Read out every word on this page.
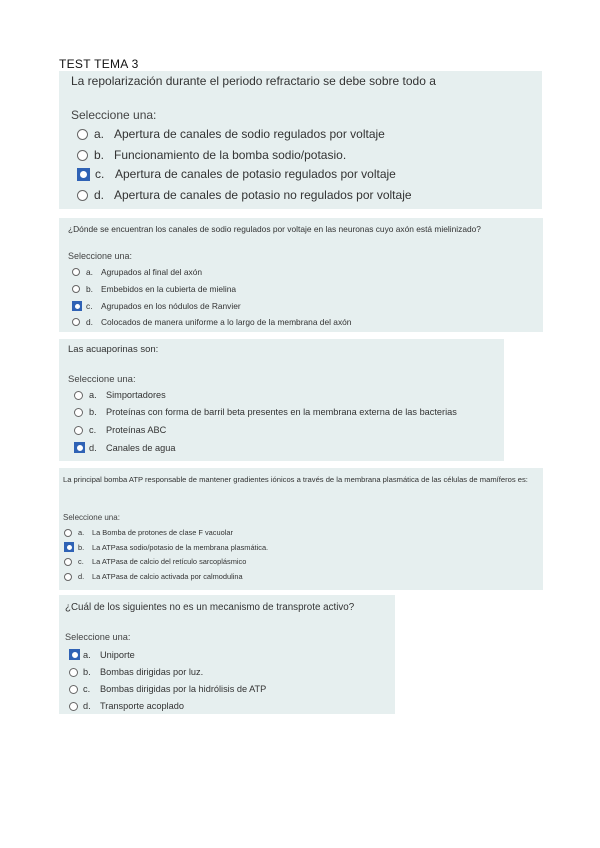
TEST TEMA 3
La repolarización durante el periodo refractario se debe sobre todo a
Seleccione una:
a. Apertura de canales de sodio regulados por voltaje
b. Funcionamiento de la bomba sodio/potasio.
c. Apertura de canales de potasio regulados por voltaje
d. Apertura de canales de potasio no regulados por voltaje
¿Dónde se encuentran los canales de sodio regulados por voltaje en las neuronas cuyo axón está mielinizado?
Seleccione una:
a. Agrupados al final del axón
b. Embebidos en la cubierta de mielina
c.	Agrupados en los nódulos de Ranvier
d. Colocados de manera uniforme a lo largo de la membrana del axón
Las acuaporinas son:
Seleccione una:
a.	Simportadores
b.	Proteínas con forma de barril beta presentes en la membrana externa de las bacterias
c.	Proteínas ABC
d.	Canales de agua
La principal bomba ATP responsable de mantener gradientes iónicos a través de la membrana plasmática de las células de mamíferos es:
Seleccione una:
a.	La Bomba de protones de clase F vacuolar
b.	La ATPasa sodio/potasio de la membrana plasmática.
c.	La ATPasa de calcio del retículo sarcoplásmico
d.	La ATPasa de calcio activada por calmodulina
¿Cuál de los siguientes no es un mecanismo de transprote activo?
Seleccione una:
a.	Uniporte
b.	Bombas dirigidas por luz.
c.	Bombas dirigidas por la hidrólisis de ATP
d.	Transporte acoplado
